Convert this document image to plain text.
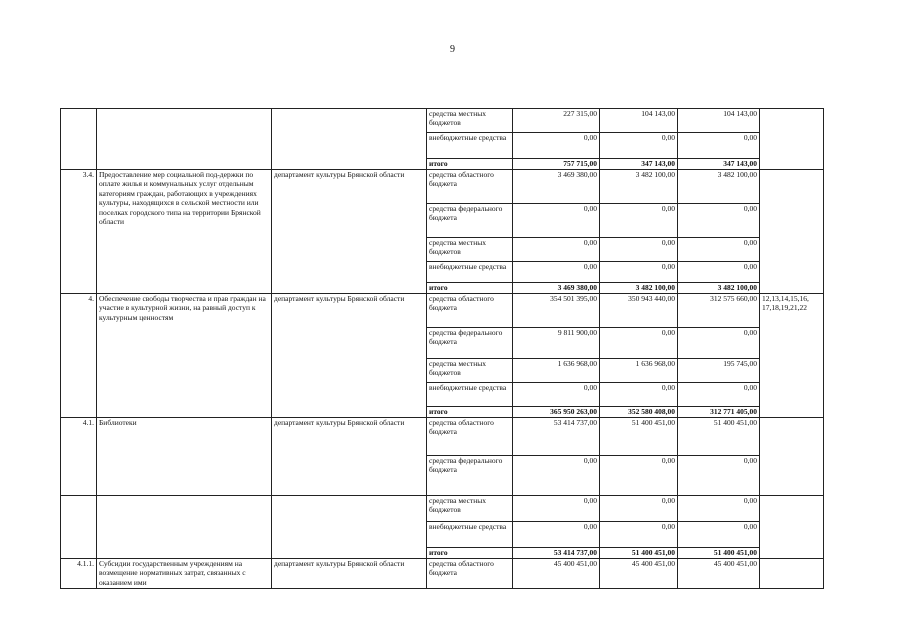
9
			средства местных бюджетов	227 315,00	104 143,00	104 143,00	
			внебюджетные средства	0,00	0,00	0,00	
			итого	757 715,00	347 143,00	347 143,00	
3.4.	Предоставление мер социальной под-держки по оплате жилья и коммунальных услуг отдельным категориям граждан, работающих в учреждениях культуры, находящихся в сельской местности или поселках городского типа на территории Брянской области	департамент культуры Брянской области	средства областного бюджета	3 469 380,00	3 482 100,00	3 482 100,00	
			средства федерального бюджета	0,00	0,00	0,00	
			средства местных бюджетов	0,00	0,00	0,00	
			внебюджетные средства	0,00	0,00	0,00	
			итого	3 469 380,00	3 482 100,00	3 482 100,00	
4.	Обеспечение свободы творчества и прав граждан на участие в культурной жизни, на равный доступ к культурным ценностям	департамент культуры Брянской области	средства областного бюджета	354 501 395,00	350 943 440,00	312 575 660,00	12,13,14,15,16, 17,18,19,21,22
			средства федерального бюджета	9 811 900,00	0,00	0,00	
			средства местных бюджетов	1 636 968,00	1 636 968,00	195 745,00	
			внебюджетные средства	0,00	0,00	0,00	
			итого	365 950 263,00	352 580 408,00	312 771 405,00	
4.1.	Библиотеки	департамент культуры Брянской области	средства областного бюджета	53 414 737,00	51 400 451,00	51 400 451,00	
			средства федерального бюджета	0,00	0,00	0,00	
			средства местных бюджетов	0,00	0,00	0,00	
			внебюджетные средства	0,00	0,00	0,00	
			итого	53 414 737,00	51 400 451,00	51 400 451,00	
4.1.1.	Субсидии государственным учреждениям на возмещение нормативных затрат, связанных с оказанием ими	департамент культуры Брянской области	средства областного бюджета	45 400 451,00	45 400 451,00	45 400 451,00	
